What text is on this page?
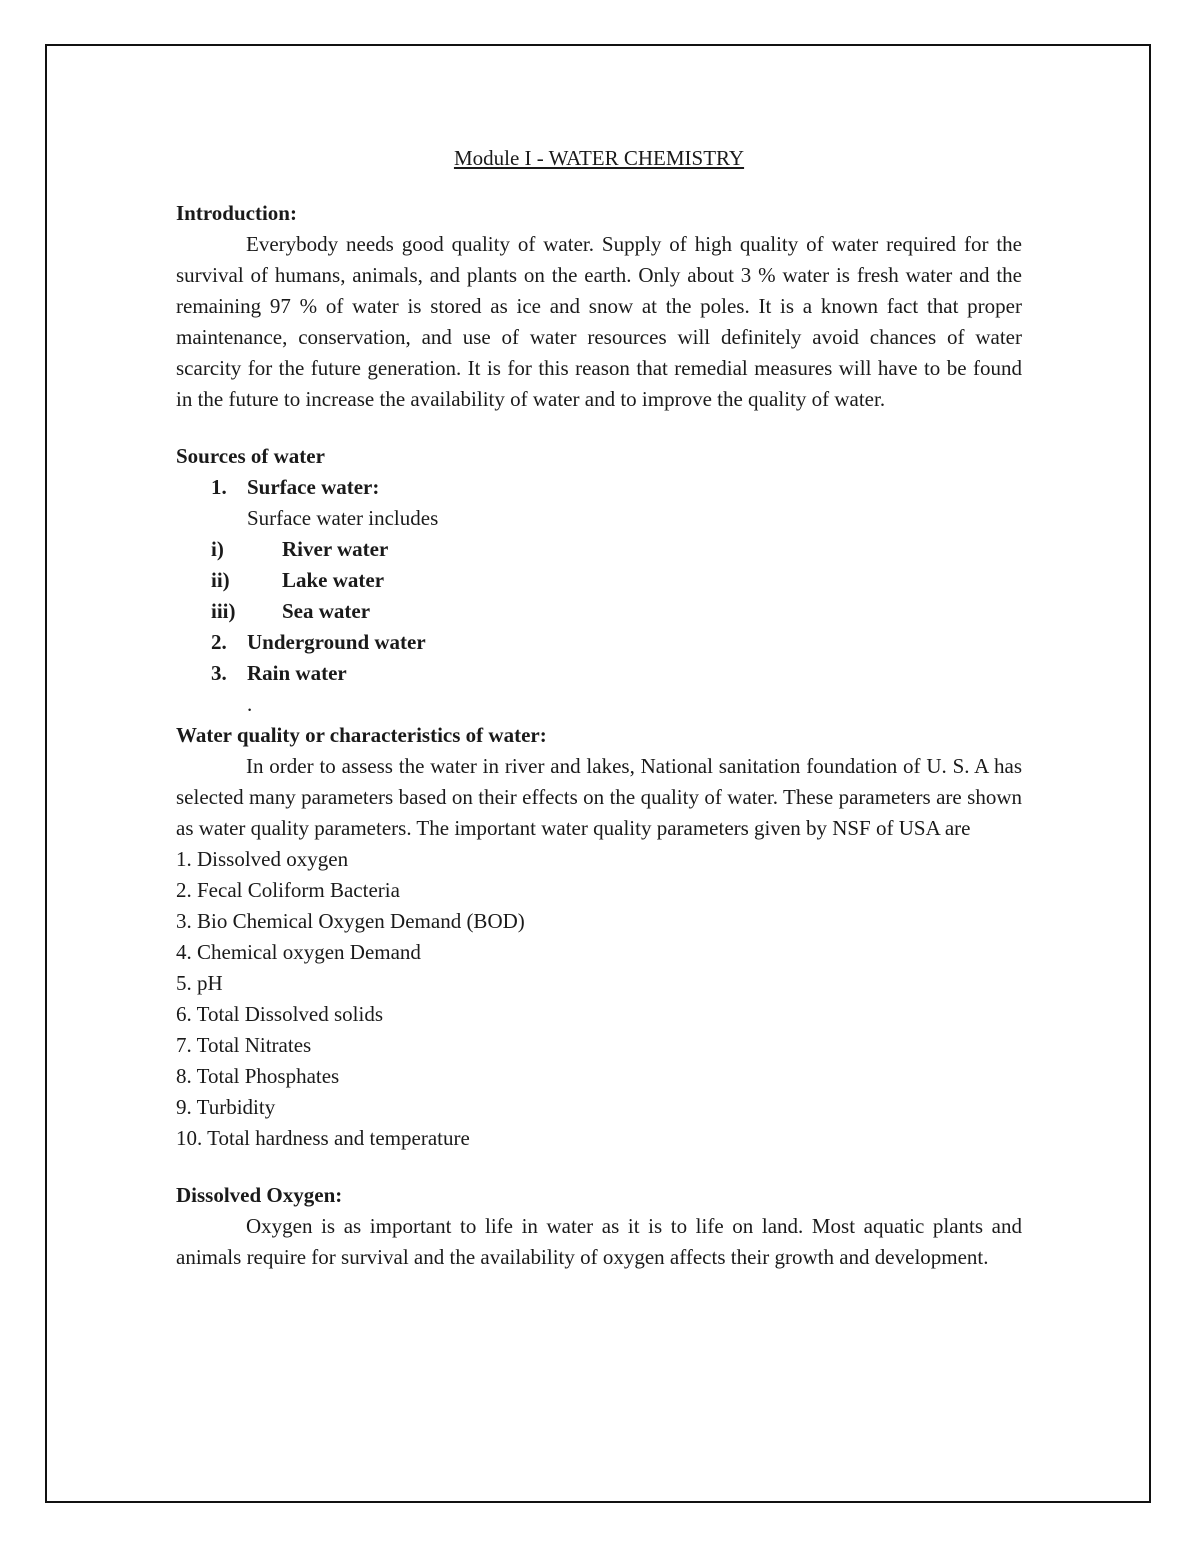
Module I - WATER CHEMISTRY

Introduction:

Everybody needs good quality of water. Supply of high quality of water required for the survival of humans, animals, and plants on the earth. Only about 3 % water is fresh water and the remaining 97 % of water is stored as ice and snow at the poles. It is a known fact that proper maintenance, conservation, and use of water resources will definitely avoid chances of water scarcity for the future generation. It is for this reason that remedial measures will have to be found in the future to increase the availability of water and to improve the quality of water.

Sources of water

1. Surface water:

Surface water includes

i)	River water
ii)	Lake water
iii)	Sea water
2. Underground water
3. Rain water

.

Water quality or characteristics of water:

In order to assess the water in river and lakes, National sanitation foundation of U. S. A has selected many parameters based on their effects on the quality of water. These parameters are shown as water quality parameters. The important water quality parameters given by NSF of USA are

1. Dissolved oxygen

2. Fecal Coliform Bacteria

3. Bio Chemical Oxygen Demand (BOD)

4. Chemical oxygen Demand

5. pH

6. Total Dissolved solids

7. Total Nitrates

8. Total Phosphates

9. Turbidity

10. Total hardness and temperature

Dissolved Oxygen:

Oxygen is as important to life in water as it is to life on land. Most aquatic plants and animals require for survival and the availability of oxygen affects their growth and development.
